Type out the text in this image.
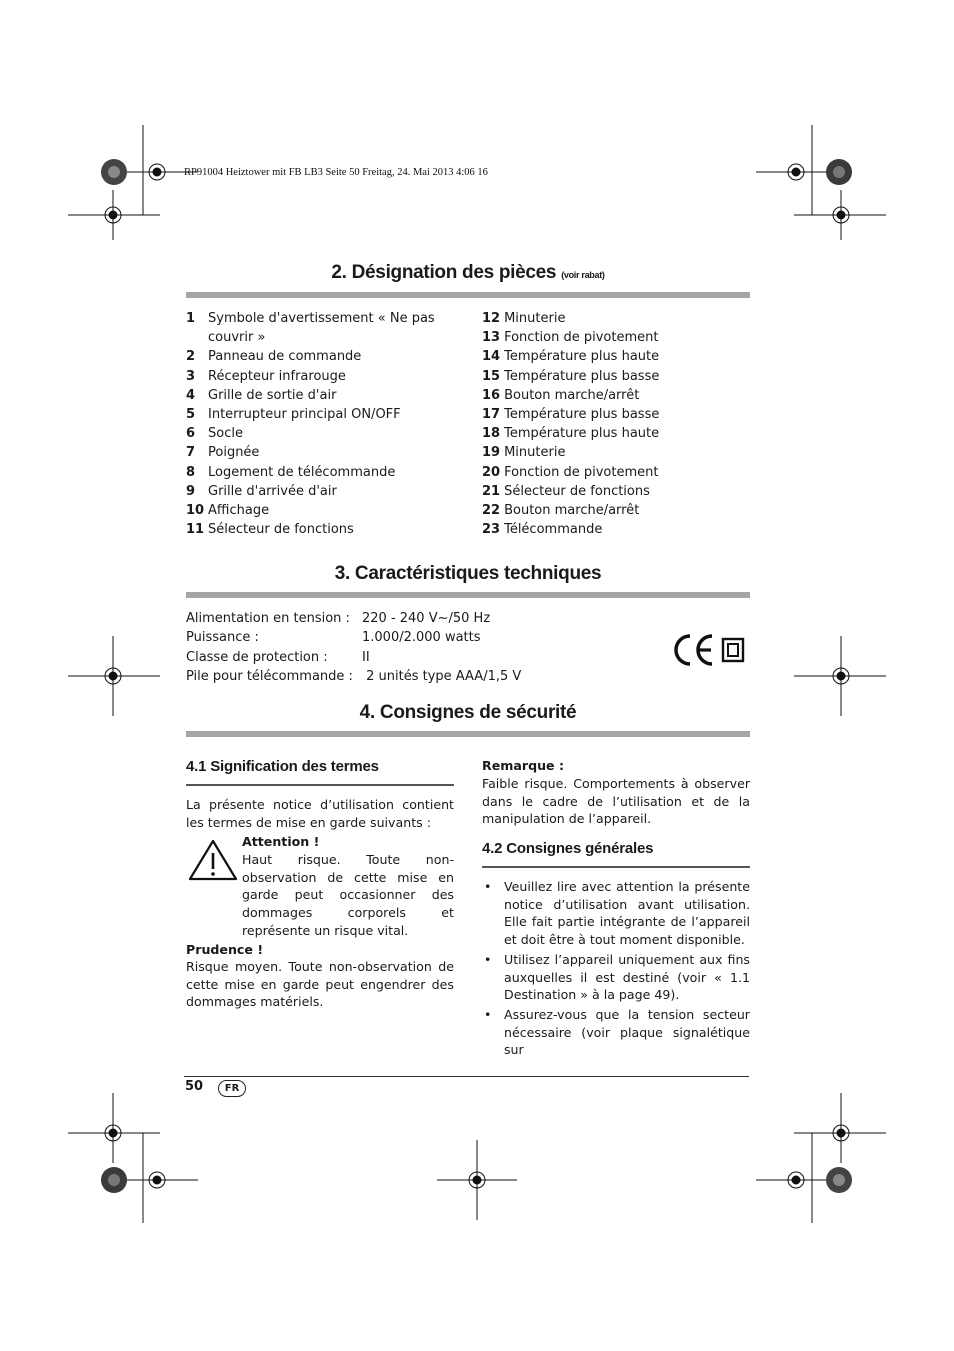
RP91004 Heiztower mit FB LB3 Seite 50 Freitag, 24. Mai 2013 4:06 16
2. Désignation des pièces (voir rabat)
1 Symbole d'avertissement « Ne pas
couvrir »
2 Panneau de commande
3 Récepteur infrarouge
4 Grille de sortie d'air
5 Interrupteur principal ON/OFF
6 Socle
7 Poignée
8 Logement de télécommande
9 Grille d'arrivée d'air
10 Affichage
11 Sélecteur de fonctions
12 Minuterie
13 Fonction de pivotement
14 Température plus haute
15 Température plus basse
16 Bouton marche/arrêt
17 Température plus basse
18 Température plus haute
19 Minuterie
20 Fonction de pivotement
21 Sélecteur de fonctions
22 Bouton marche/arrêt
23 Télécommande
3. Caractéristiques techniques
Alimentation en tension : 220 - 240 V~/50 Hz
Puissance :	1.000/2.000 watts
Classe de protection :	II
Pile pour télécommande : 2 unités type AAA/1,5 V
4. Consignes de sécurité
4.1 Signification des termes
La présente notice d’utilisation contient les termes de mise en garde suivants :
Attention !
Haut risque. Toute non-observation de cette mise en garde peut occasionner des dommages corporels et représente un risque vital.
Prudence !
Risque moyen. Toute non-observation de cette mise en garde peut engendrer des dommages matériels.
Remarque :
Faible risque. Comportements à observer dans le cadre de l’utilisation et de la manipulation de l’appareil.
4.2 Consignes générales
• Veuillez lire avec attention la présente notice d’utilisation avant utilisation. Elle fait partie intégrante de l’appareil et doit être à tout moment disponible.
• Utilisez l’appareil uniquement aux fins auxquelles il est destiné (voir « 1.1 Destination » à la page 49).
• Assurez-vous que la tension secteur nécessaire (voir plaque signalétique sur
50	FR
